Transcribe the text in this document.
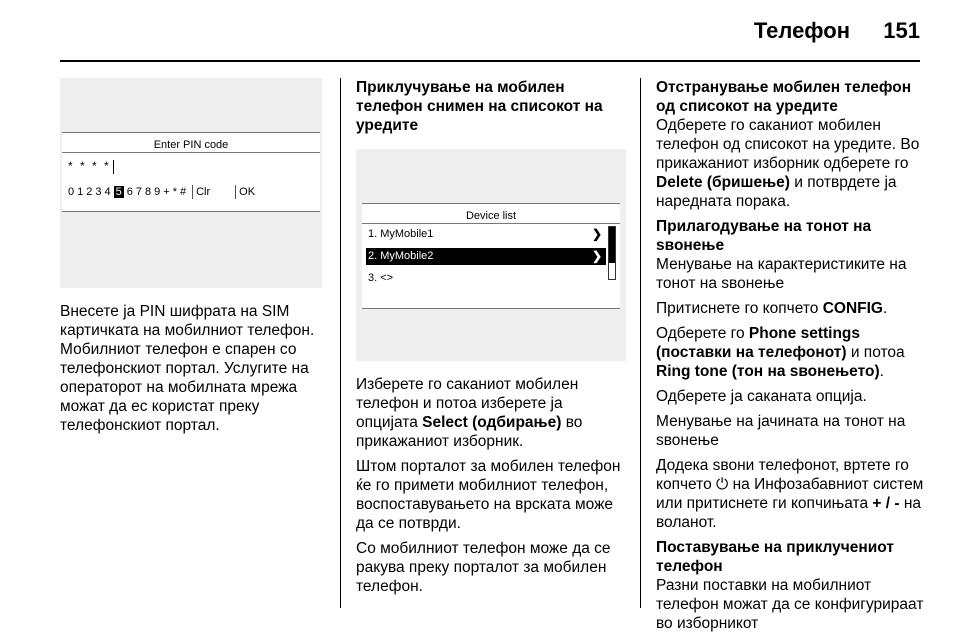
Телефон 151
Enter PIN code
* * * *
0 1 2 3 4 5 6 7 8 9 + * # Clr	OK

Внесете ја PIN шифрата на SIM картичката на мобилниот телефон. Мобилниот телефон е спарен со телефонскиот портал. Услугите на операторот на мобилната мрежа можат да ес користат преку телефонскиот портал.

Приклучување на мобилен телефон снимен на списокот на уредите

Device list
1. MyMobile1	❯
2. MyMobile2	❯
3. <>

Изберете го саканиот мобилен телефон и потоа изберете ја опцијата Select (одбирање) во прикажаниот изборник.

Штом порталот за мобилен телефон ќе го примети мобилниот телефон, воспоставувањето на врската може да се потврди.

Со мобилниот телефон може да се ракува преку порталот за мобилен телефон.

Отстранување мобилен телефон од списокот на уредите

Одберете го саканиот мобилен телефон од списокот на уредите. Во прикажаниот изборник одберете го Delete (бришење) и потврдете ја наредната порака.

Прилагодување на тонот на ѕвонење

Менување на карактеристиките на тонот на ѕвонење

Притиснете го копчето CONFIG.

Одберете го Phone settings (поставки на телефонот) и потоа Ring tone (тон на ѕвонењето).

Одберете ја саканата опција.

Менување на јачината на тонот на ѕвонење

Додека ѕвони телефонот, вртете го копчето ⏻ на Инфозабавниот систем или притиснете ги копчињата + / - на воланот.

Поставување на приклучениот телефон

Разни поставки на мобилниот телефон можат да се конфигурираат во изборникот
